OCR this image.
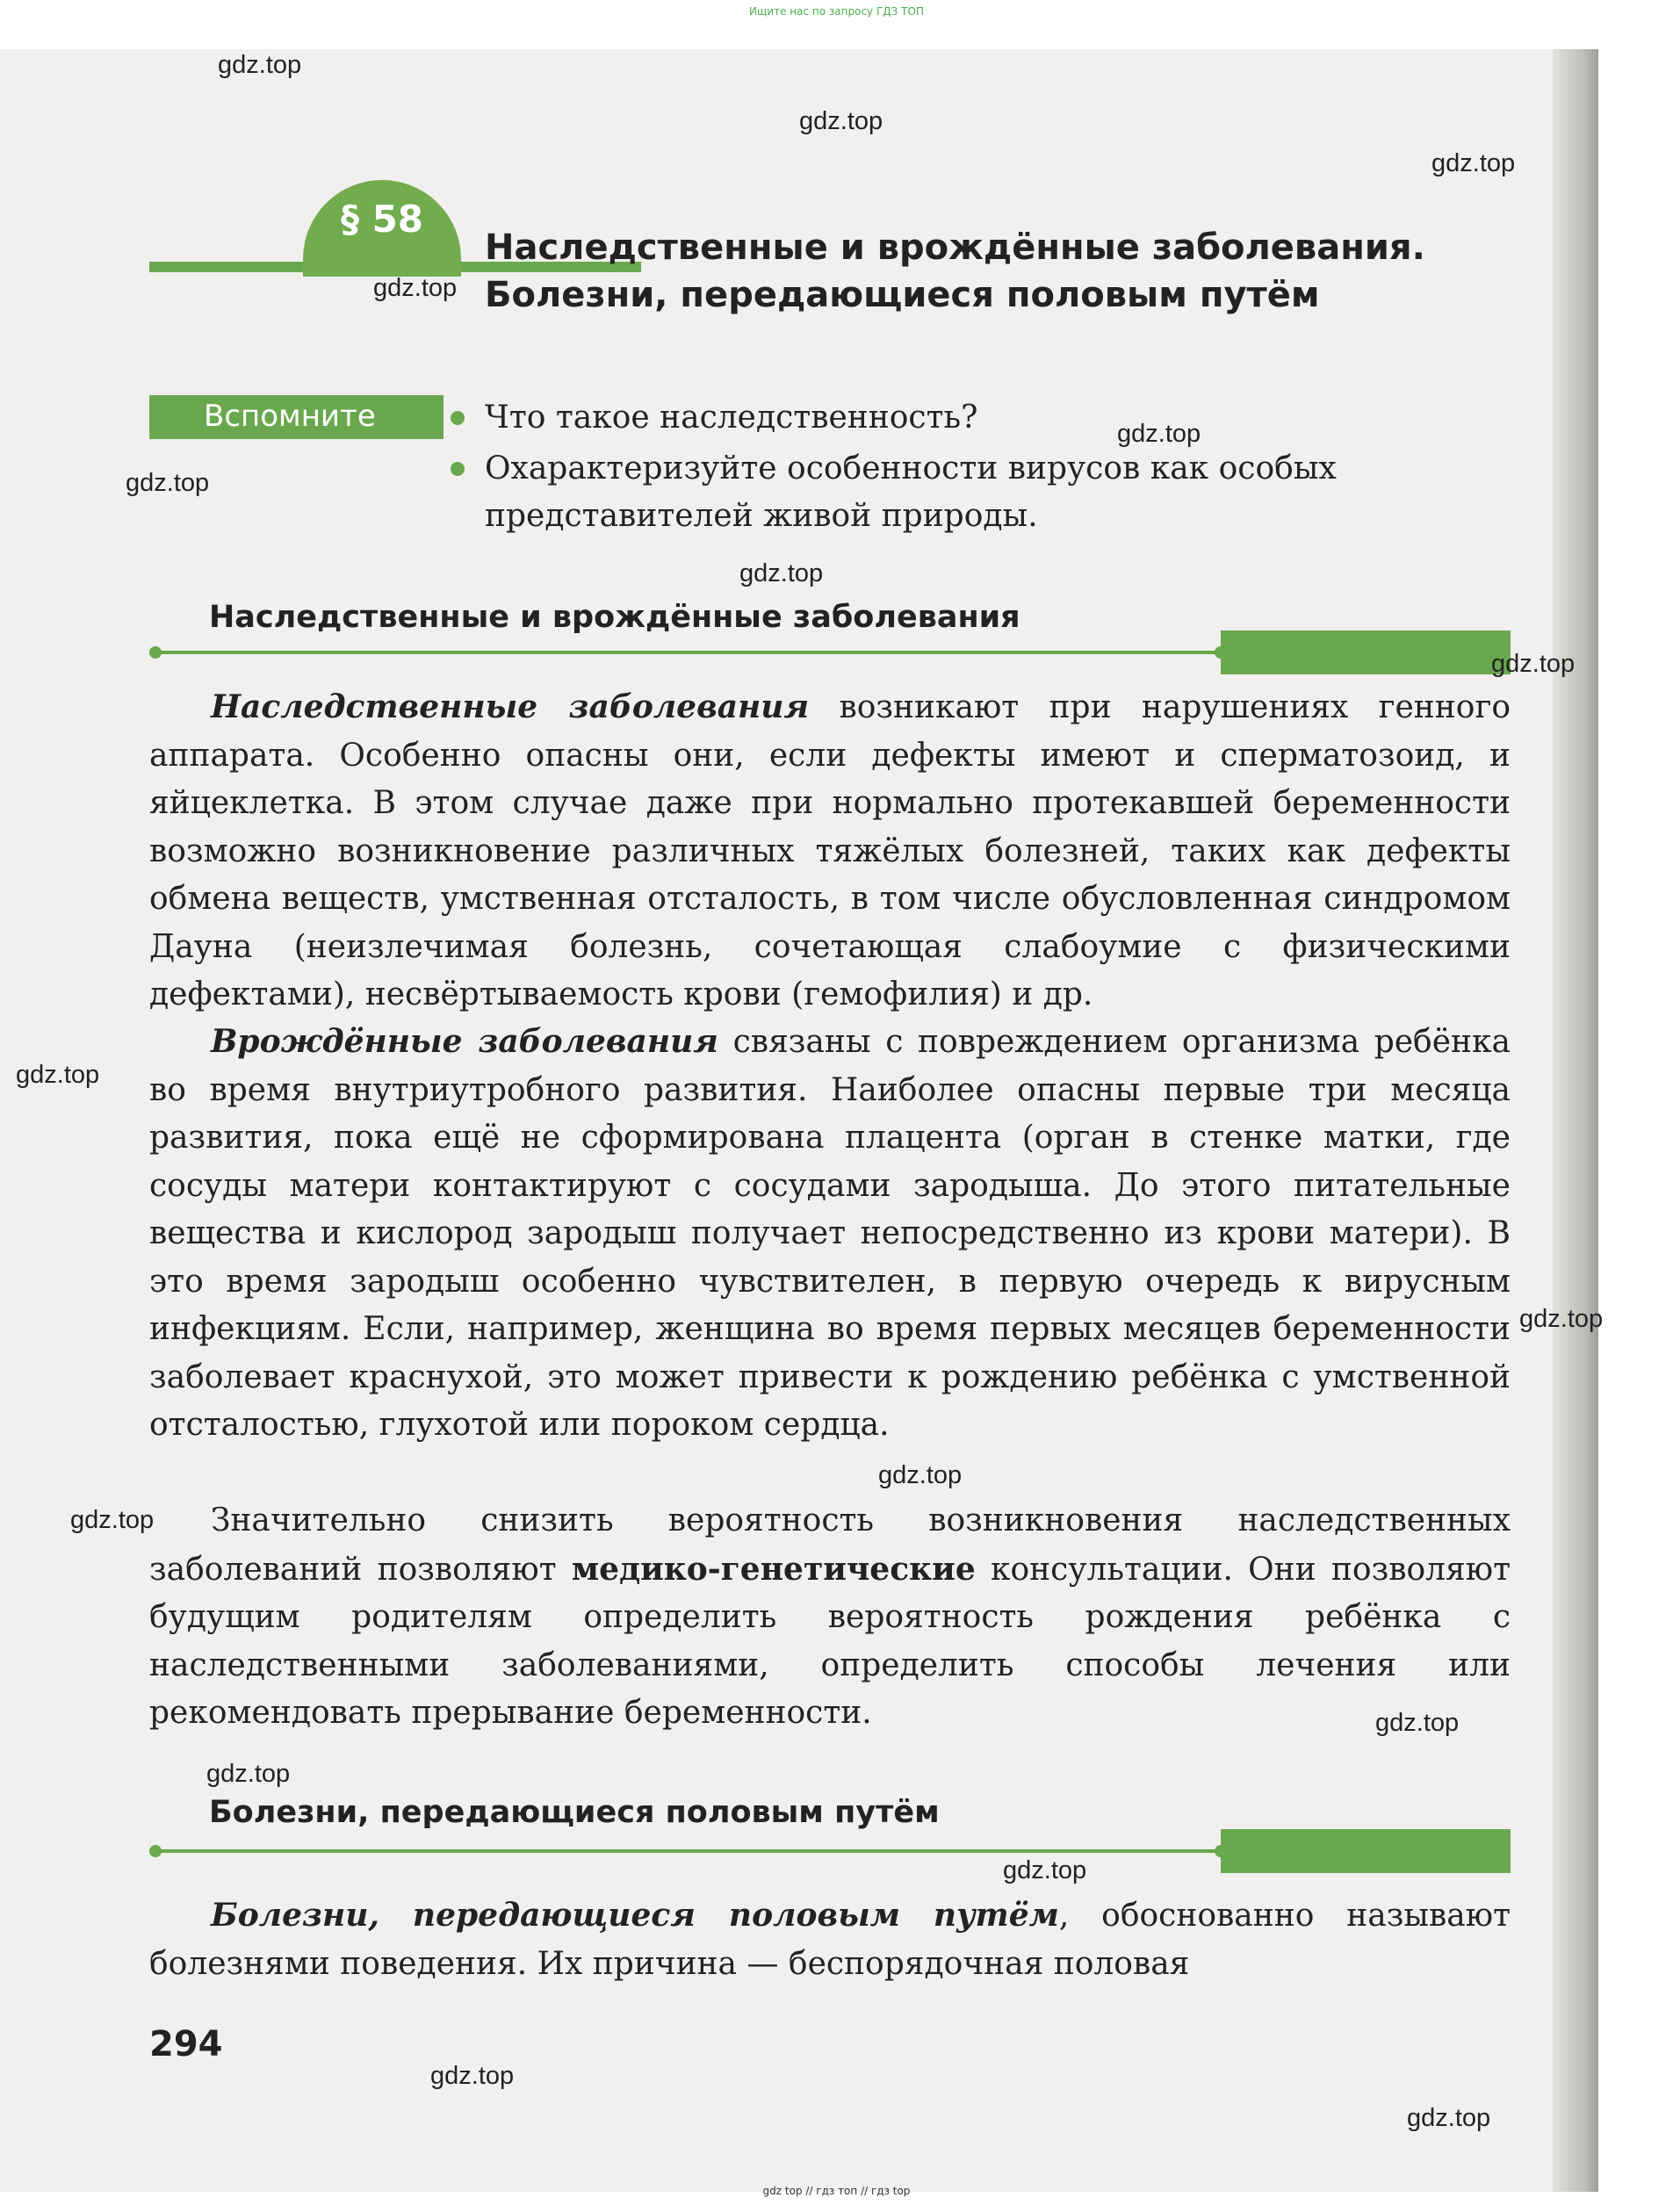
Ищите нас по запросу ГДЗ ТОП
§ 58
Наследственные и врождённые заболевания.
Болезни, передающиеся половым путём
Вспомните	Что такое наследственность?
Охарактеризуйте особенности вирусов как особых
представителей живой природы.
Наследственные и врождённые заболевания

Наследственные заболевания возникают при нарушениях генного аппарата. Особенно опасны они, если дефекты имеют и сперматозоид, и яйцеклетка. В этом случае даже при нормально протекавшей беременности возможно возникновение различных тяжёлых болезней, таких как дефекты обмена веществ, умственная отсталость, в том числе обусловленная синдромом Дауна (неизлечимая болезнь, сочетающая слабоумие с физическими дефектами), несвёртываемость крови (гемофилия) и др.

Врождённые заболевания связаны с повреждением организма ребёнка во время внутриутробного развития. Наиболее опасны первые три месяца развития, пока ещё не сформирована плацента (орган в стенке матки, где сосуды матери контактируют с сосудами зародыша. До этого питательные вещества и кислород зародыш получает непосредственно из крови матери). В это время зародыш особенно чувствителен, в первую очередь к вирусным инфекциям. Если, например, женщина во время первых месяцев беременности заболевает краснухой, это может привести к рождению ребёнка с умственной отсталостью, глухотой или пороком сердца.

Значительно снизить вероятность возникновения наследственных заболеваний позволяют медико-генетические консультации. Они позволяют будущим родителям определить вероятность рождения ребёнка с наследственными заболеваниями, определить способы лечения или рекомендовать прерывание беременности.

Болезни, передающиеся половым путём

Болезни, передающиеся половым путём, обоснованно называют болезнями поведения. Их причина — беспорядочная половая

294
gdz.top
gdz.top
gdz.top
gdz.top
gdz.top
gdz.top
gdz.top
gdz.top
gdz.top
gdz.top
gdz.top
gdz.top
gdz.top
gdz.top
gdz.top
gdz.top
gdz.top
gdz top // гдз топ // гдз top
